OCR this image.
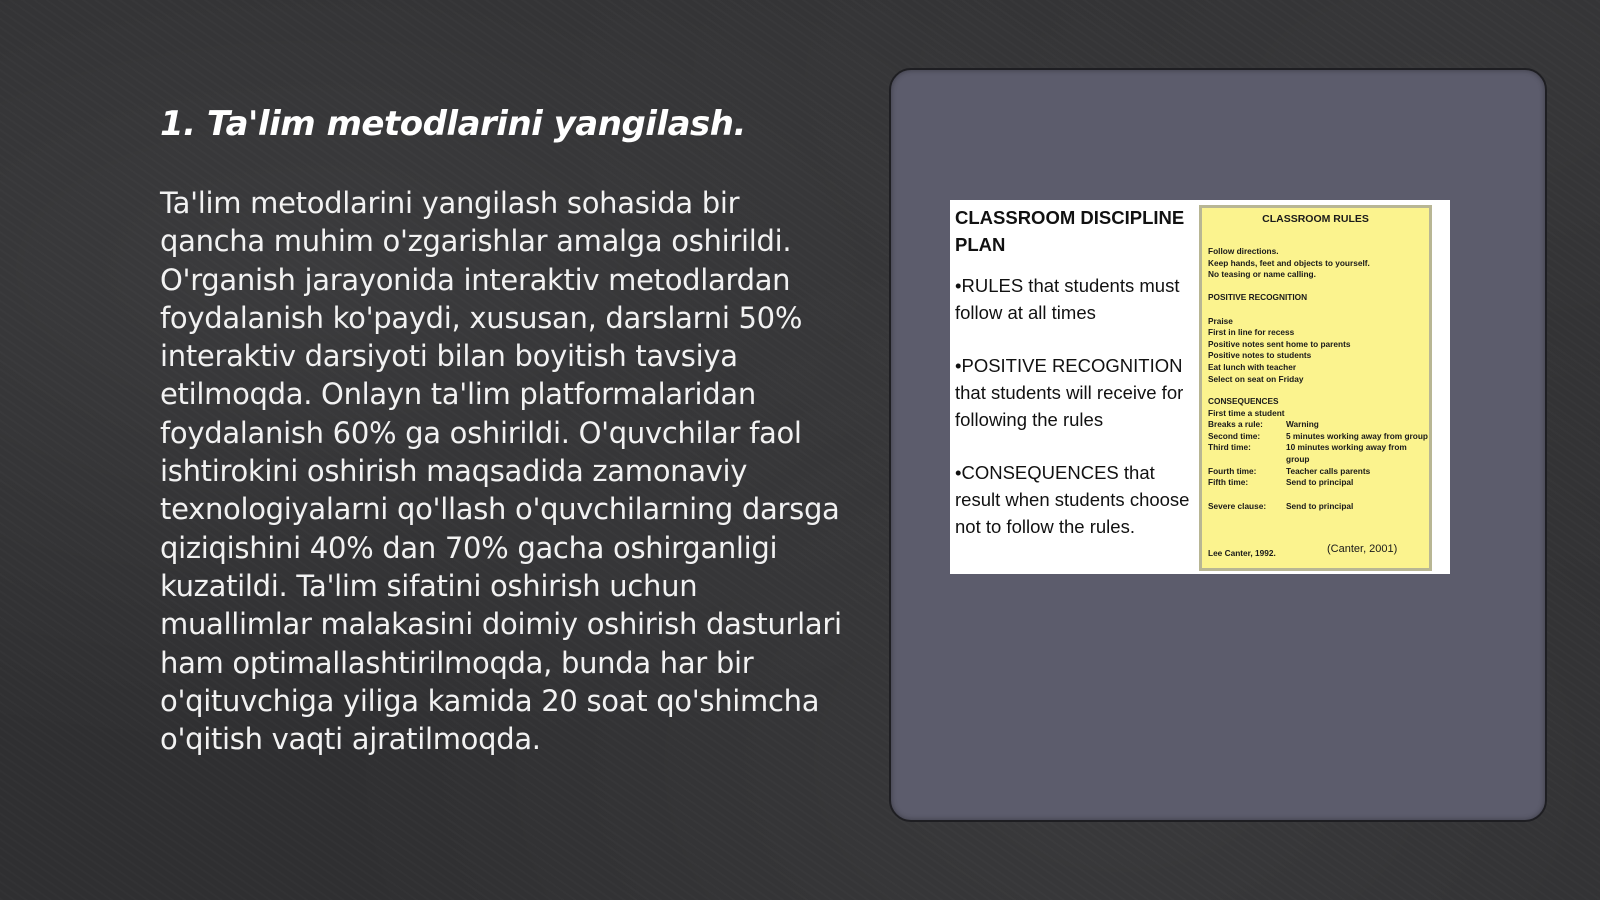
1. Ta'lim metodlarini yangilash.

Ta'lim metodlarini yangilash sohasida bir qancha muhim o'zgarishlar amalga oshirildi. O'rganish jarayonida interaktiv metodlardan foydalanish ko'paydi, xususan, darslarni 50% interaktiv darsiyoti bilan boyitish tavsiya etilmoqda. Onlayn ta'lim platformalaridan foydalanish 60% ga oshirildi. O'quvchilar faol ishtirokini oshirish maqsadida zamonaviy texnologiyalarni qo'llash o'quvchilarning darsga qiziqishini 40% dan 70% gacha oshirganligi kuzatildi. Ta'lim sifatini oshirish uchun muallimlar malakasini doimiy oshirish dasturlari ham optimallashtirilmoqda, bunda har bir o'qituvchiga yiliga kamida 20 soat qo'shimcha o'qitish vaqti ajratilmoqda.

CLASSROOM DISCIPLINE PLAN
•RULES that students must follow at all times
•POSITIVE RECOGNITION that students will receive for following the rules
•CONSEQUENCES that result when students choose not to follow the rules.
CLASSROOM RULES
Follow directions.
Keep hands, feet and objects to yourself.
No teasing or name calling.
POSITIVE RECOGNITION
Praise
First in line for recess
Positive notes sent home to parents
Positive notes to students
Eat lunch with teacher
Select on seat on Friday
CONSEQUENCES
First time a student
Breaks a rule:	Warning
Second time:	5 minutes working away from group
Third time:	10 minutes working away from group
Fourth time:	Teacher calls parents
Fifth time:	Send to principal
Severe clause:	Send to principal
Lee Canter, 1992.	(Canter, 2001)
